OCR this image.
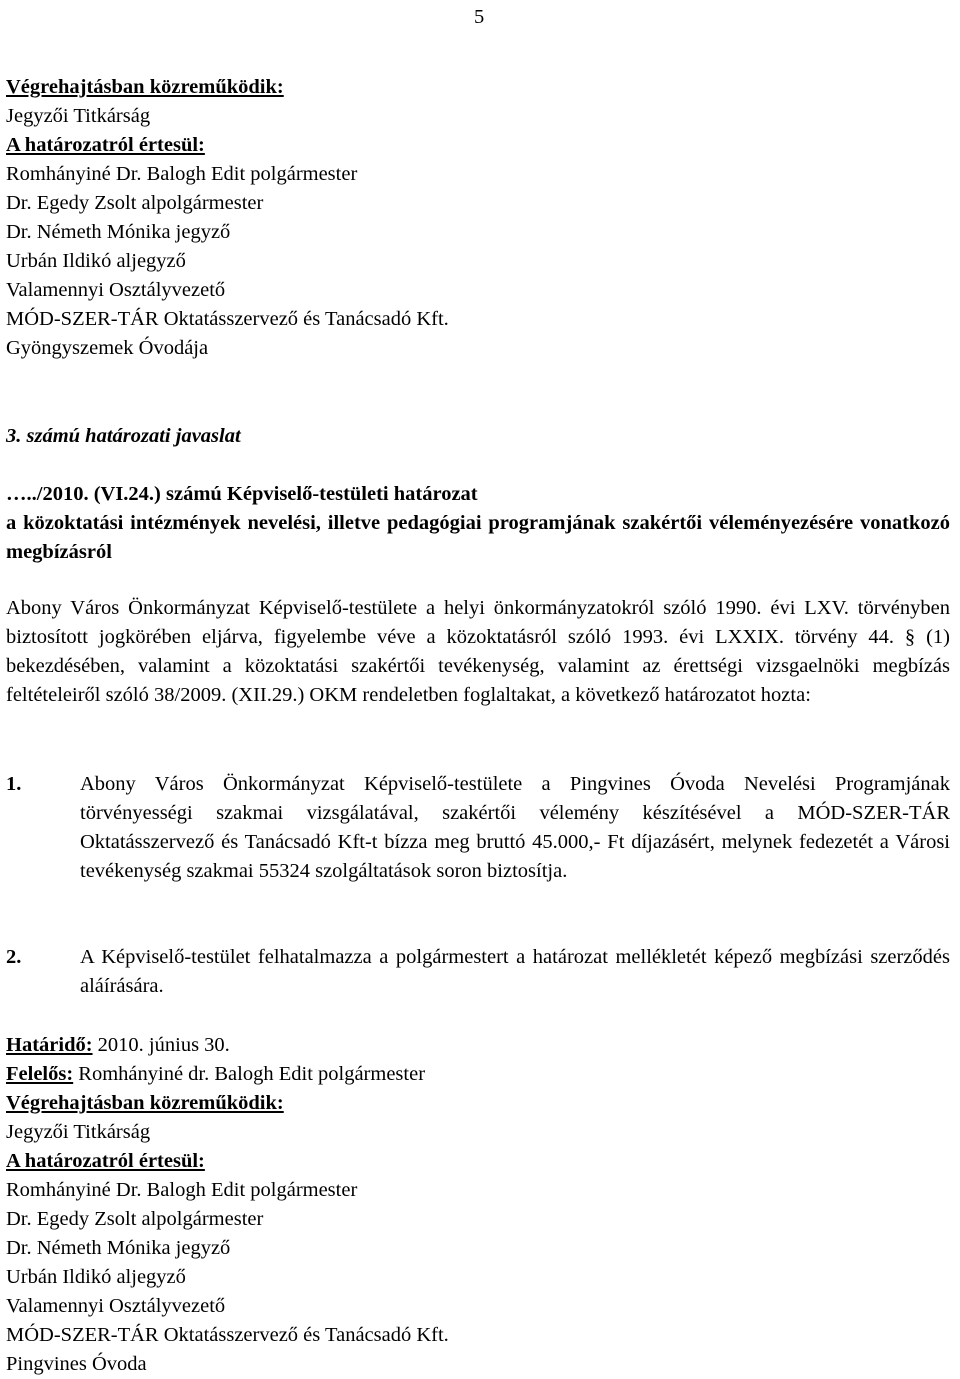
5
Végrehajtásban közreműködik:
Jegyzői Titkárság
A határozatról értesül:
Romhányiné Dr. Balogh Edit polgármester
Dr. Egedy Zsolt alpolgármester
Dr. Németh Mónika jegyző
Urbán Ildikó aljegyző
Valamennyi Osztályvezető
MÓD-SZER-TÁR Oktatásszervező és Tanácsadó Kft.
Gyöngyszemek Óvodája
3. számú határozati javaslat
…../2010. (VI.24.) számú Képviselő-testületi határozat
a közoktatási intézmények nevelési, illetve pedagógiai programjának szakértői véleményezésére vonatkozó megbízásról
Abony Város Önkormányzat Képviselő-testülete a helyi önkormányzatokról szóló 1990. évi LXV. törvényben biztosított jogkörében eljárva, figyelembe véve a közoktatásról szóló 1993. évi LXXIX. törvény 44. § (1) bekezdésében, valamint a közoktatási szakértői tevékenység, valamint az érettségi vizsgaelnöki megbízás feltételeiről szóló 38/2009. (XII.29.) OKM rendeletben foglaltakat, a következő határozatot hozta:
1.	Abony Város Önkormányzat Képviselő-testülete a Pingvines Óvoda Nevelési Programjának törvényességi szakmai vizsgálatával, szakértői vélemény készítésével a MÓD-SZER-TÁR Oktatásszervező és Tanácsadó Kft-t bízza meg bruttó 45.000,- Ft díjazásért, melynek fedezetét a Városi tevékenység szakmai 55324 szolgáltatások soron biztosítja.
2.	A Képviselő-testület felhatalmazza a polgármestert a határozat mellékletét képező megbízási szerződés aláírására.
Határidő: 2010. június 30.
Felelős: Romhányiné dr. Balogh Edit polgármester
Végrehajtásban közreműködik:
Jegyzői Titkárság
A határozatról értesül:
Romhányiné Dr. Balogh Edit polgármester
Dr. Egedy Zsolt alpolgármester
Dr. Németh Mónika jegyző
Urbán Ildikó aljegyző
Valamennyi Osztályvezető
MÓD-SZER-TÁR Oktatásszervező és Tanácsadó Kft.
Pingvines Óvoda
